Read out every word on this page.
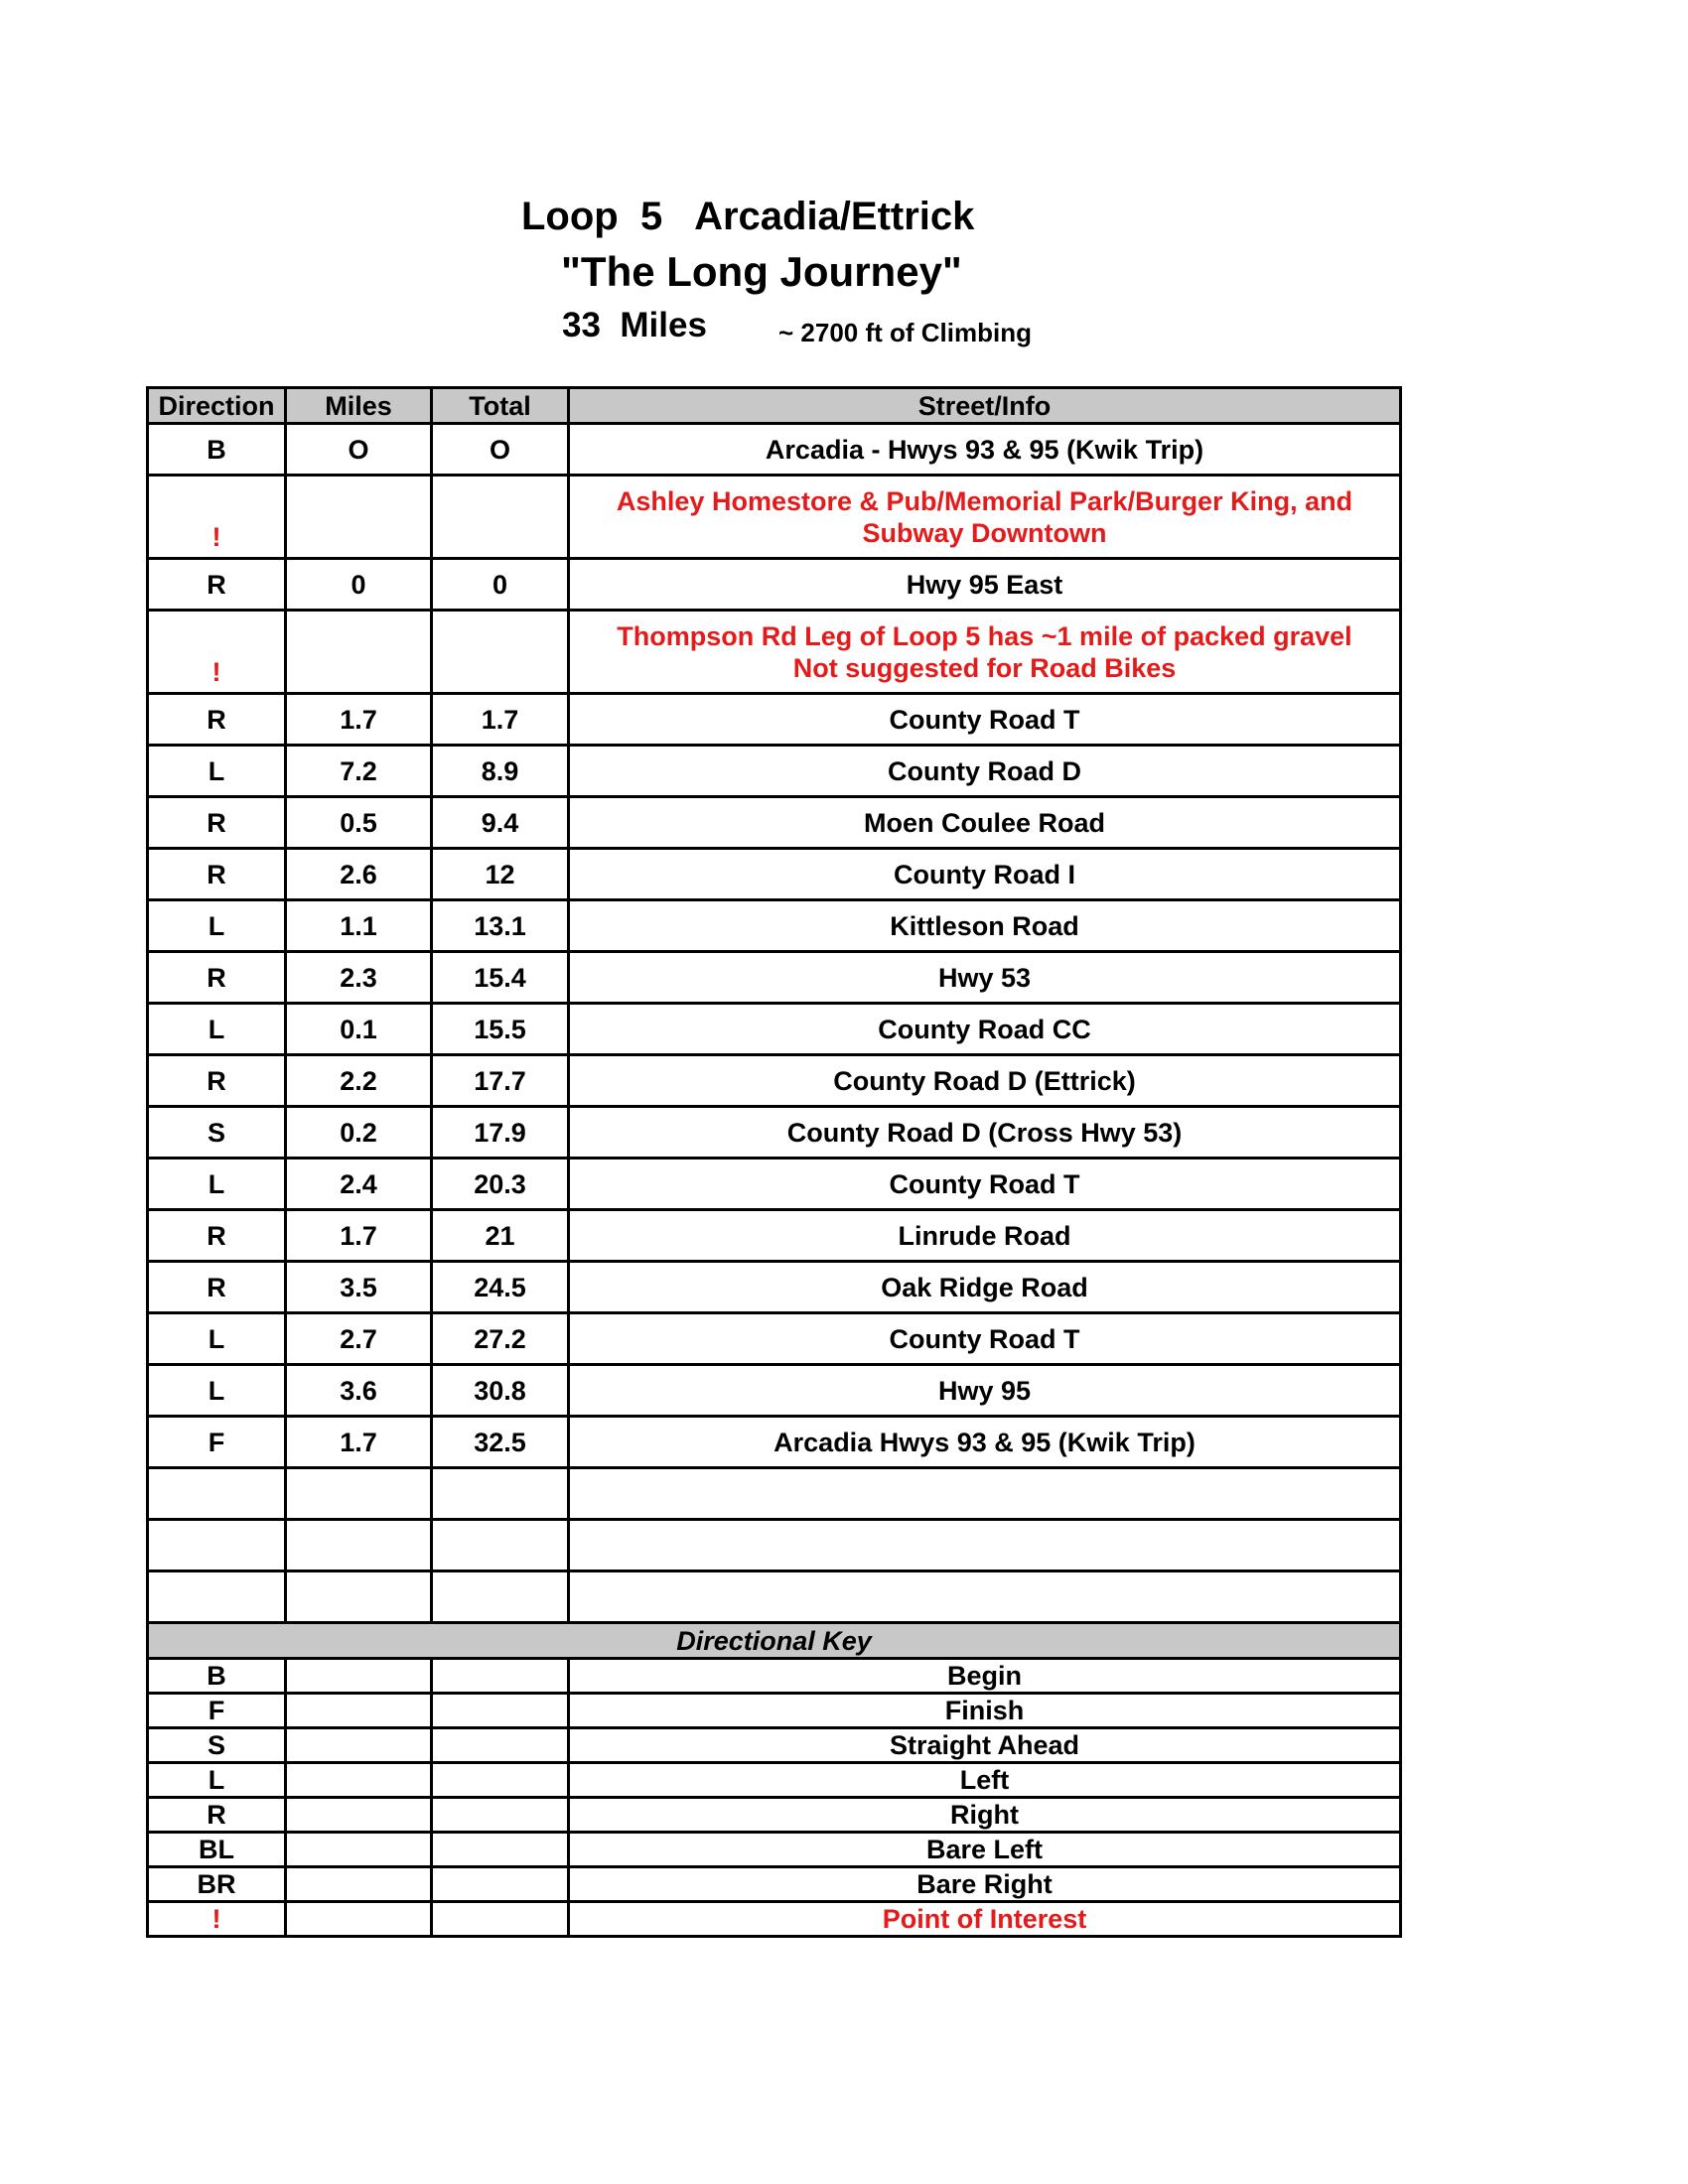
Loop  5   Arcadia/Ettrick
"The Long Journey"
33  Miles	~ 2700 ft of Climbing
Direction	Miles	Total	Street/Info
B	O	O	Arcadia - Hwys 93 & 95 (Kwik Trip)
!			Ashley Homestore & Pub/Memorial Park/Burger King, and
Subway Downtown
R	0	0	Hwy 95 East
!			Thompson Rd Leg of Loop 5 has ~1 mile of packed gravel
Not suggested for Road Bikes
R	1.7	1.7	County Road T
L	7.2	8.9	County Road D
R	0.5	9.4	Moen Coulee Road
R	2.6	12	County Road I
L	1.1	13.1	Kittleson Road
R	2.3	15.4	Hwy 53
L	0.1	15.5	County Road CC
R	2.2	17.7	County Road D (Ettrick)
S	0.2	17.9	County Road D (Cross Hwy 53)
L	2.4	20.3	County Road T
R	1.7	21	Linrude Road
R	3.5	24.5	Oak Ridge Road
L	2.7	27.2	County Road T
L	3.6	30.8	Hwy 95
F	1.7	32.5	Arcadia Hwys 93 & 95 (Kwik Trip)

Directional Key			
B			Begin
F			Finish
S			Straight Ahead
L			Left
R			Right
BL			Bare Left
BR			Bare Right
!			Point of Interest
